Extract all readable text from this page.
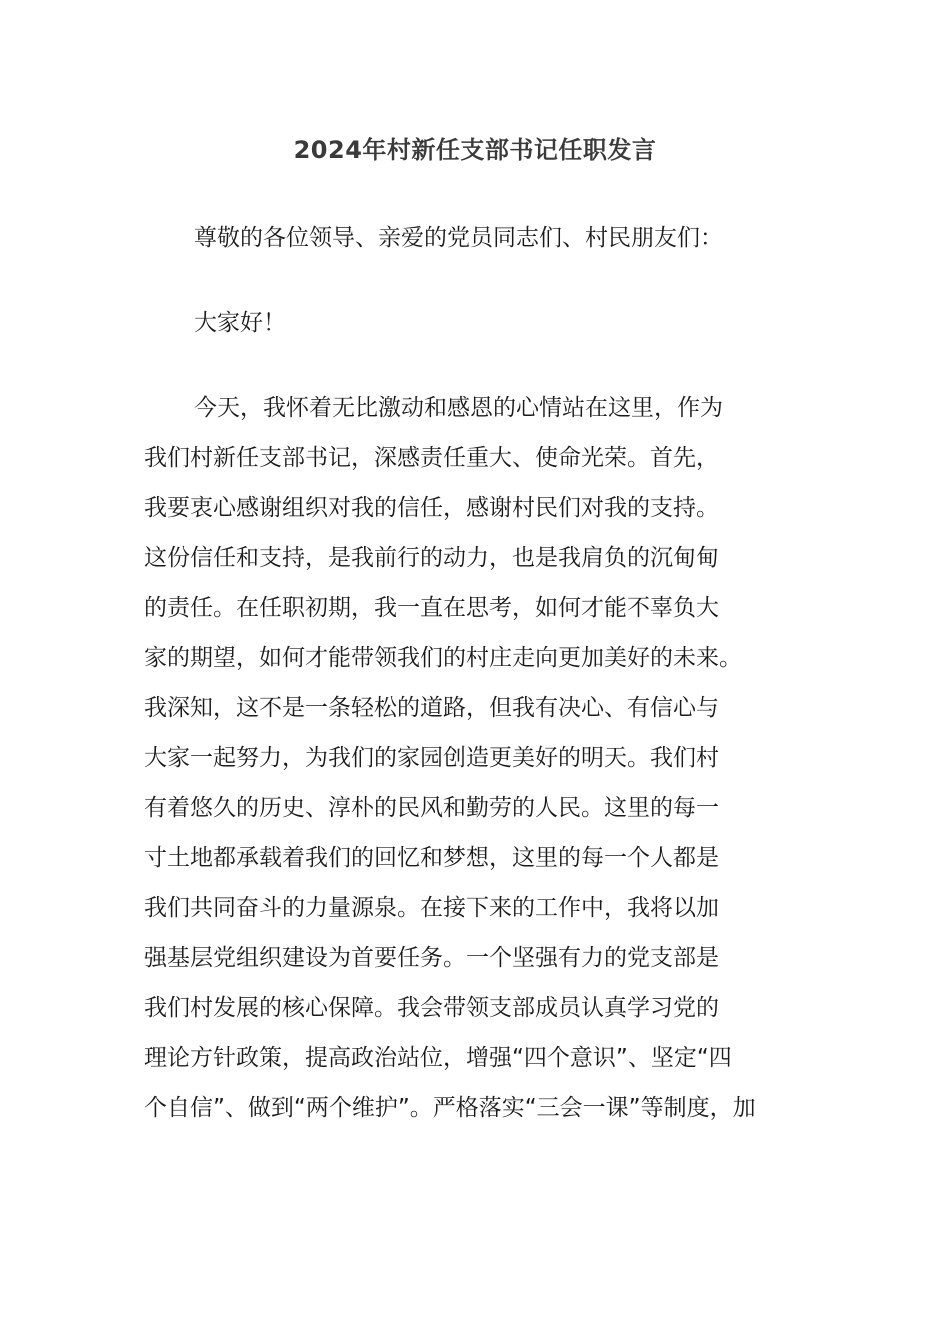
2024年村新任支部书记任职发言
尊敬的各位领导、亲爱的党员同志们、村民朋友们：
大家好！
今天，我怀着无比激动和感恩的心情站在这里，作为
我们村新任支部书记，深感责任重大、使命光荣。首先，
我要衷心感谢组织对我的信任，感谢村民们对我的支持。
这份信任和支持，是我前行的动力，也是我肩负的沉甸甸
的责任。在任职初期，我一直在思考，如何才能不辜负大
家的期望，如何才能带领我们的村庄走向更加美好的未来。
我深知，这不是一条轻松的道路，但我有决心、有信心与
大家一起努力，为我们的家园创造更美好的明天。我们村
有着悠久的历史、淳朴的民风和勤劳的人民。这里的每一
寸土地都承载着我们的回忆和梦想，这里的每一个人都是
我们共同奋斗的力量源泉。在接下来的工作中，我将以加
强基层党组织建设为首要任务。一个坚强有力的党支部是
我们村发展的核心保障。我会带领支部成员认真学习党的
理论方针政策，提高政治站位，增强“四个意识”、坚定“四
个自信”、做到“两个维护”。严格落实“三会一课”等制度，加
